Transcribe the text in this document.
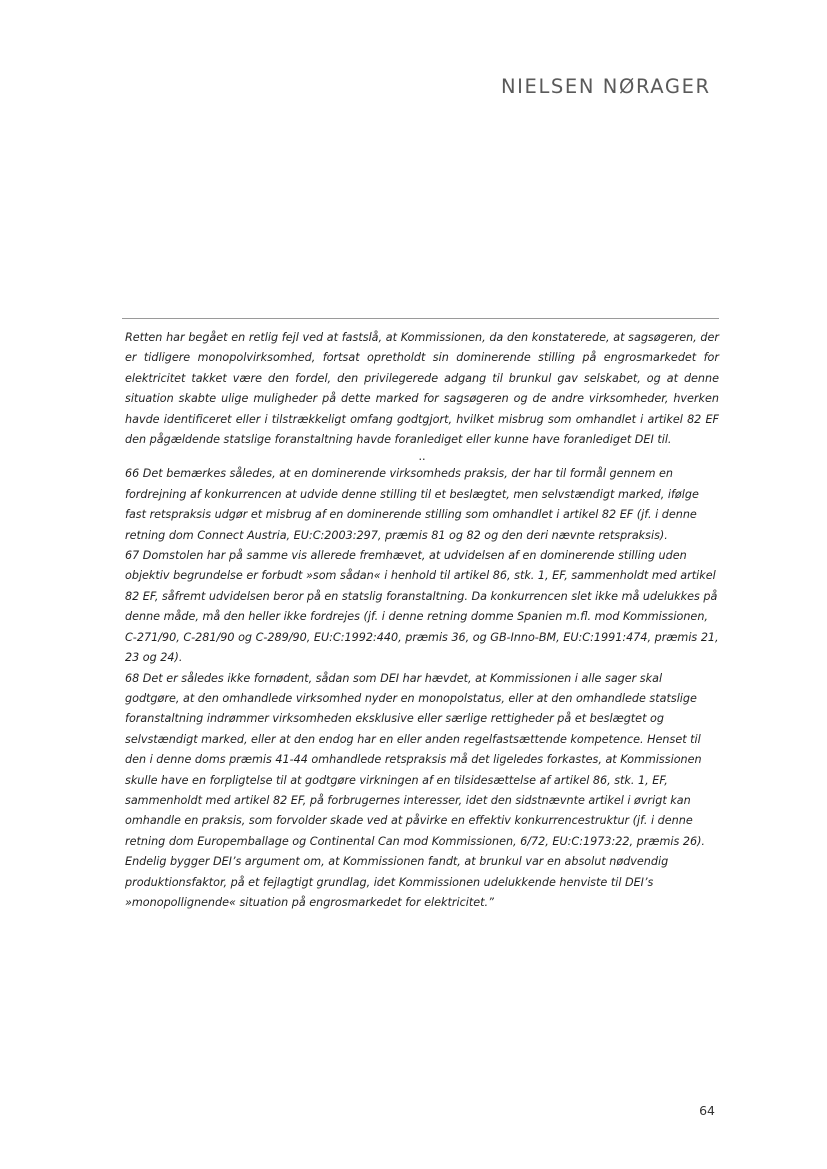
NIELSEN NØRAGER

Retten har begået en retlig fejl ved at fastslå, at Kommissionen, da den konstaterede, at sagsøgeren, der er tidligere monopolvirksomhed, fortsat opretholdt sin dominerende stilling på engrosmarkedet for elektricitet takket være den fordel, den privilegerede adgang til brunkul gav selskabet, og at denne situation skabte ulige muligheder på dette marked for sagsøgeren og de andre virksomheder, hverken havde identificeret eller i tilstrækkeligt omfang godtgjort, hvilket misbrug som omhandlet i artikel 82 EF den pågældende statslige foranstaltning havde foranlediget eller kunne have foranlediget DEI til.

..

66 Det bemærkes således, at en dominerende virksomheds praksis, der har til formål gennem en fordrejning af konkurrencen at udvide denne stilling til et beslægtet, men selvstændigt marked, ifølge fast retspraksis udgør et misbrug af en dominerende stilling som omhandlet i artikel 82 EF (jf. i denne retning dom Connect Austria, EU:C:2003:297, præmis 81 og 82 og den deri nævnte retspraksis).

67 Domstolen har på samme vis allerede fremhævet, at udvidelsen af en dominerende stilling uden objektiv begrundelse er forbudt »som sådan« i henhold til artikel 86, stk. 1, EF, sammenholdt med artikel 82 EF, såfremt udvidelsen beror på en statslig foranstaltning. Da konkurrencen slet ikke må udelukkes på denne måde, må den heller ikke fordrejes (jf. i denne retning domme Spanien m.fl. mod Kommissionen, C-271/90, C-281/90 og C-289/90, EU:C:1992:440, præmis 36, og GB-Inno-BM, EU:C:1991:474, præmis 21, 23 og 24).

68 Det er således ikke fornødent, sådan som DEI har hævdet, at Kommissionen i alle sager skal godtgøre, at den omhandlede virksomhed nyder en monopolstatus, eller at den omhandlede statslige foranstaltning indrømmer virksomheden eksklusive eller særlige rettigheder på et beslægtet og selvstændigt marked, eller at den endog har en eller anden regelfastsættende kompetence. Henset til den i denne doms præmis 41-44 omhandlede retspraksis må det ligeledes forkastes, at Kommissionen skulle have en forpligtelse til at godtgøre virkningen af en tilsidesættelse af artikel 86, stk. 1, EF, sammenholdt med artikel 82 EF, på forbrugernes interesser, idet den sidstnævnte artikel i øvrigt kan omhandle en praksis, som forvolder skade ved at påvirke en effektiv konkurrencestruktur (jf. i denne retning dom Europemballage og Continental Can mod Kommissionen, 6/72, EU:C:1973:22, præmis 26). Endelig bygger DEI’s argument om, at Kommissionen fandt, at brunkul var en absolut nødvendig produktionsfaktor, på et fejlagtigt grundlag, idet Kommissionen udelukkende henviste til DEI’s »monopollignende« situation på engrosmarkedet for elektricitet.”

64
